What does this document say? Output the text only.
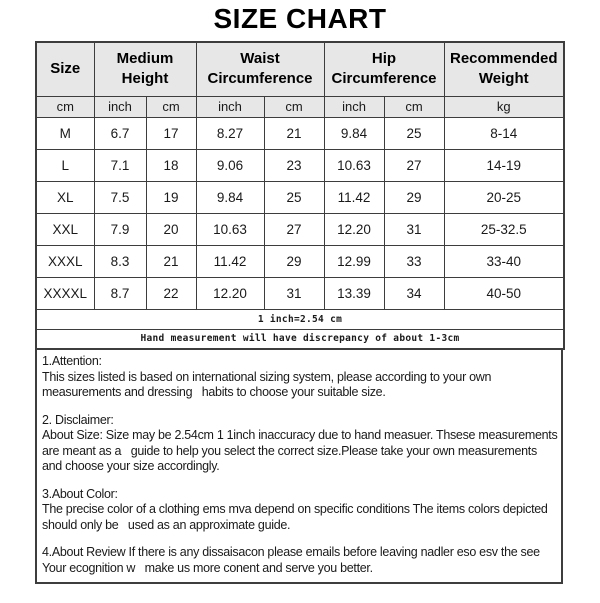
SIZE CHART
Size	Medium Height		Waist Circumference		Hip Circumference		Recommended Weight
cm	inch	cm	inch	cm	inch	cm	kg
M	6.7	17	8.27	21	9.84	25	8-14
L	7.1	18	9.06	23	10.63	27	14-19
XL	7.5	19	9.84	25	11.42	29	20-25
XXL	7.9	20	10.63	27	12.20	31	25-32.5
XXXL	8.3	21	11.42	29	12.99	33	33-40
XXXXL	8.7	22	12.20	31	13.39	34	40-50
1 inch=2.54 cm							
Hand measurement will have discrepancy of about 1-3cm							
1.Attention:
This sizes listed is based on international sizing system, please according to your own measurements and dressing   habits to choose your suitable size.
2. Disclaimer:
About Size: Size may be 2.54cm 1 1inch inaccuracy due to hand measuer. Thsese measurements are meant as a   guide to help you select the correct size.Please take your own measurements and choose your size accordingly.
3.About Color:
The precise color of a clothing ems mva depend on specific conditions The items colors depicted should only be   used as an approximate guide.
4.About Review If there is any dissaisacon please emails before leaving nadler eso esv the see Your ecognition w   make us more conent and serve you better.
